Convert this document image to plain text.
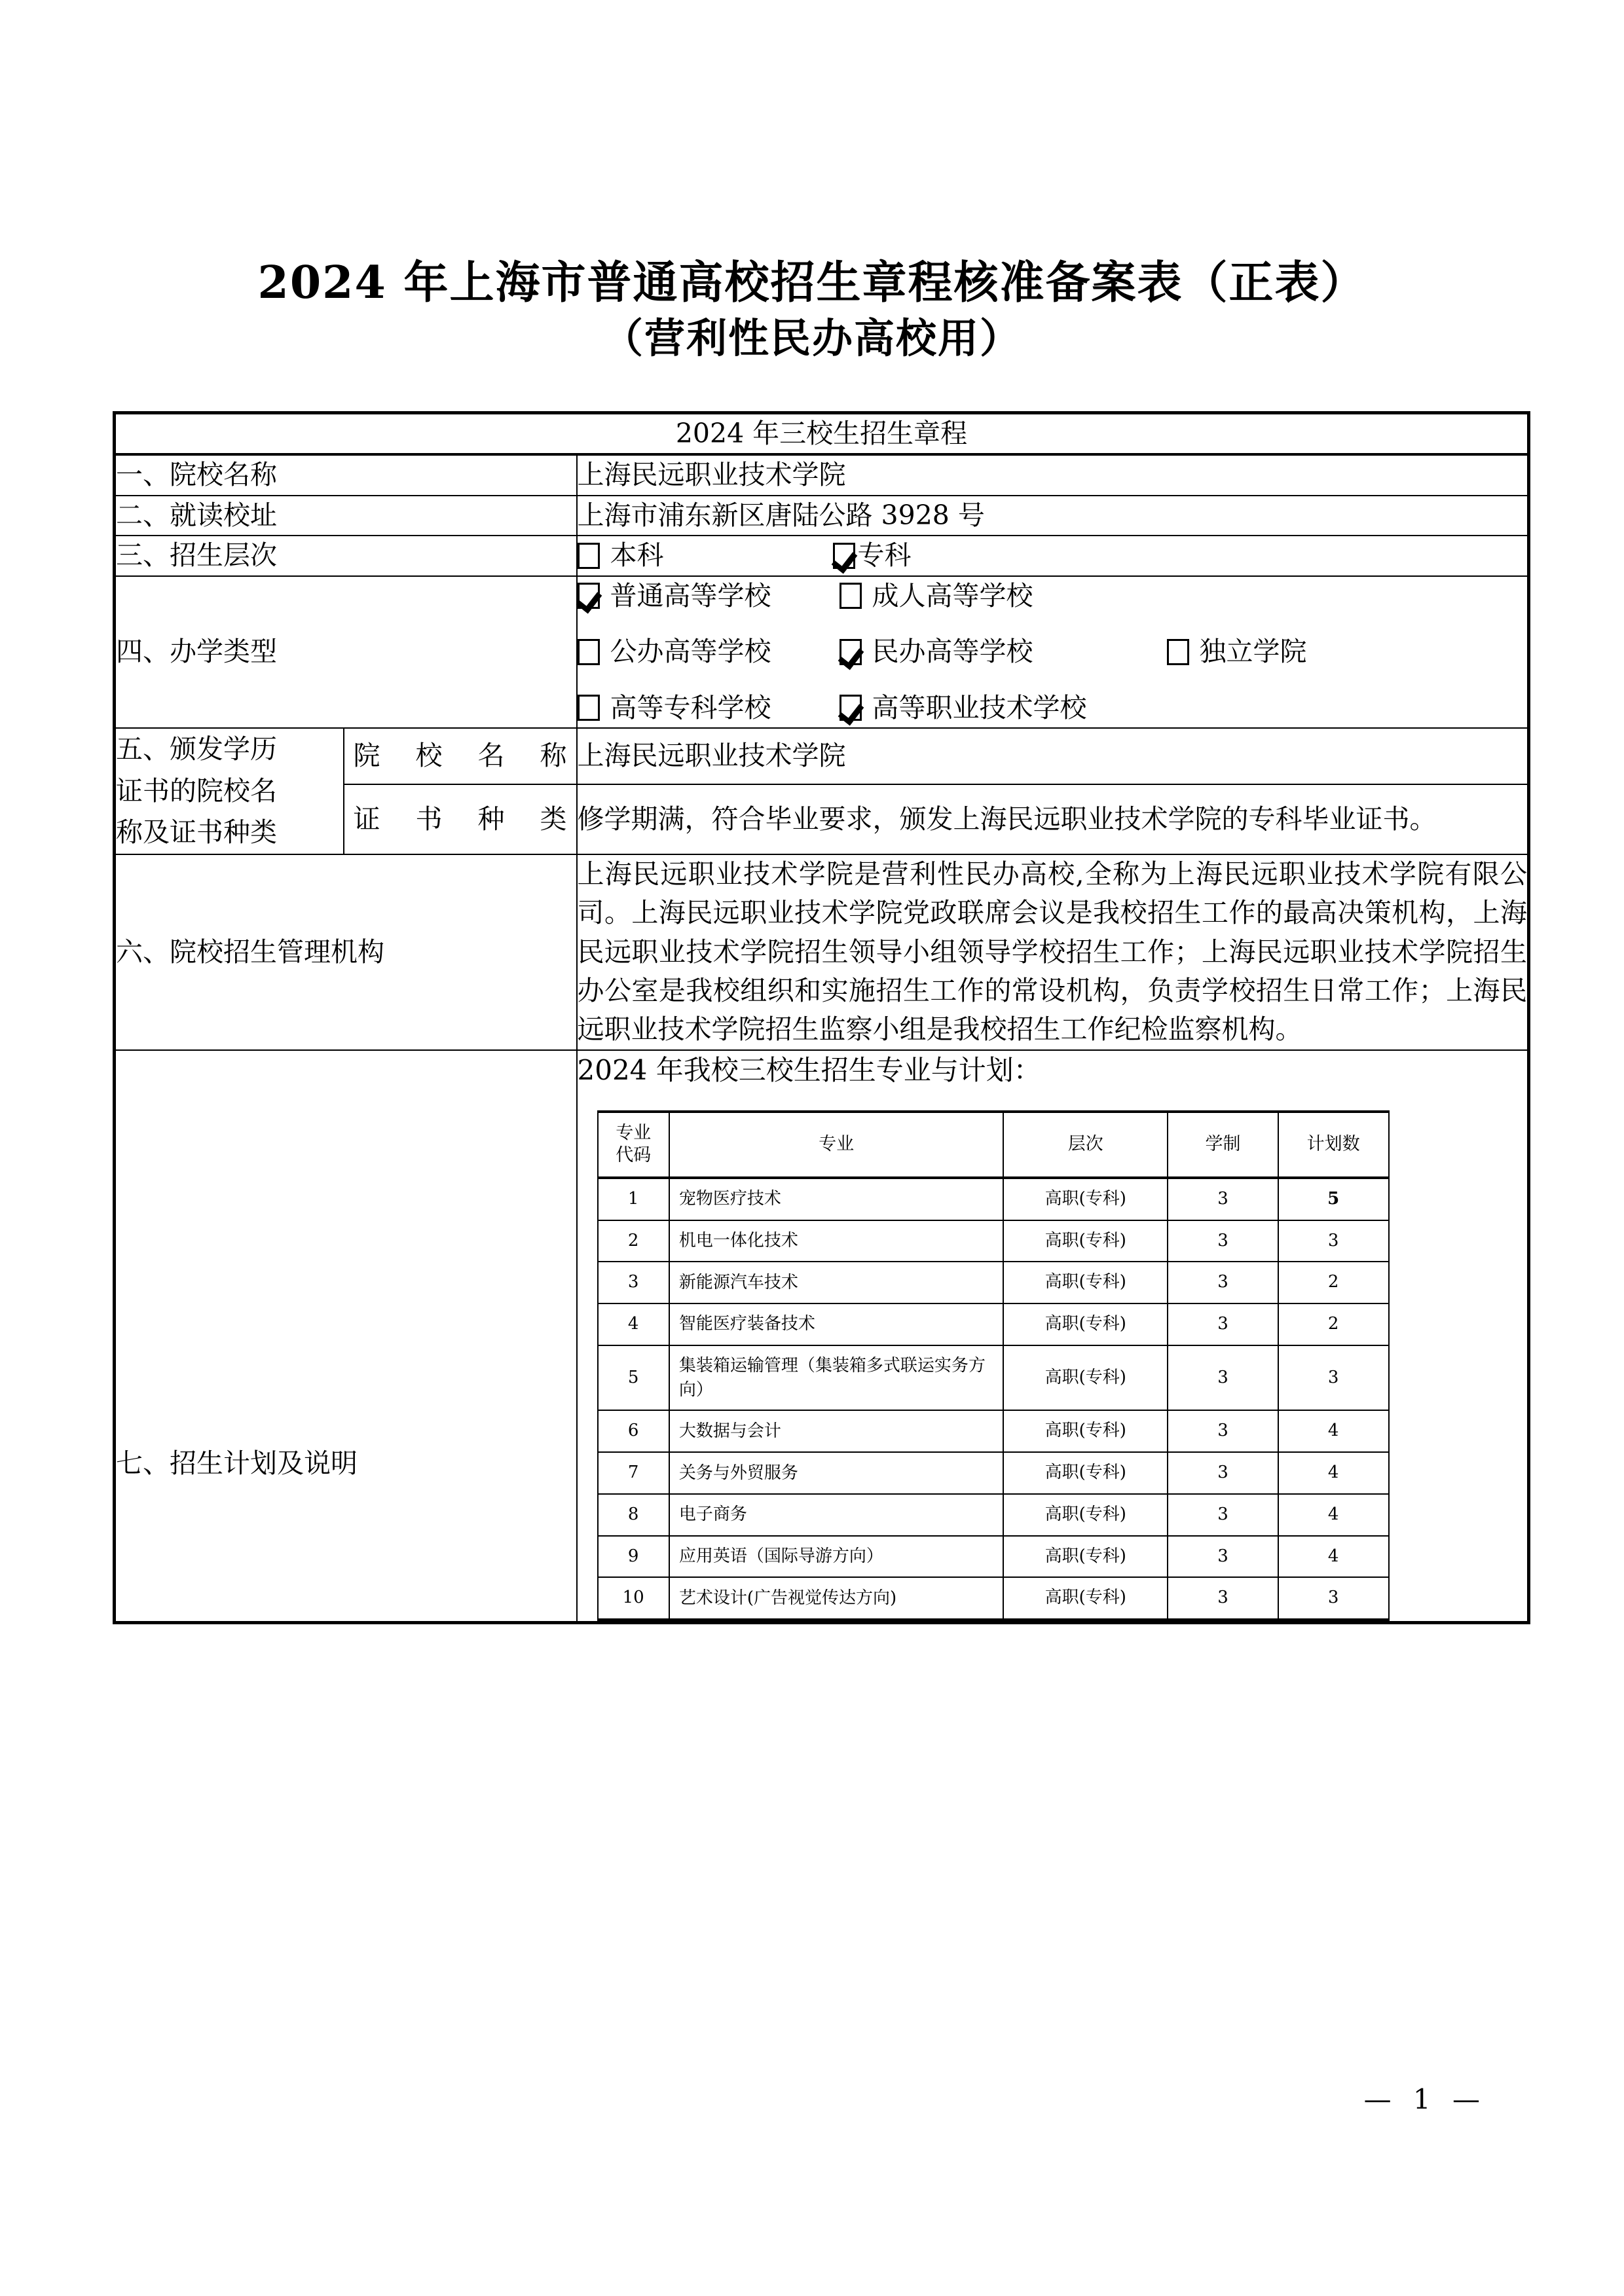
2024 年上海市普通高校招生章程核准备案表（正表）
（营利性民办高校用）
2024 年三校生招生章程
一、院校名称	上海民远职业技术学院
二、就读校址	上海市浦东新区唐陆公路 3928 号
三、招生层次	本科	专科

四、办学类型	
普通高等学校	成人高等学校
公办高等学校	民办高等学校	独立学院
高等专科学校	高等职业技术学校

五、颁发学历
证书的院校名
称及证书种类

院校名称	上海民远职业技术学院

证书种类	修学期满，符合毕业要求，颁发上海民远职业技术学院的专科毕业证书。
六、院校招生管理机构	上海民远职业技术学院是营利性民办高校,全称为上海民远职业技术学院有限公司。上海民远职业技术学院党政联席会议是我校招生工作的最高决策机构，上海民远职业技术学院招生领导小组领导学校招生工作；上海民远职业技术学院招生办公室是我校组织和实施招生工作的常设机构，负责学校招生日常工作；上海民远职业技术学院招生监察小组是我校招生工作纪检监察机构。
七、招生计划及说明	
2024 年我校三校生招生专业与计划：
专业
代码	专业	层次	学制	计划数
1	宠物医疗技术	高职(专科)	3	5
2	机电一体化技术	高职(专科)	3	3
3	新能源汽车技术	高职(专科)	3	2
4	智能医疗装备技术	高职(专科)	3	2
5	集装箱运输管理（集装箱多式联运实务方向）	高职(专科)	3	3
6	大数据与会计	高职(专科)	3	4
7	关务与外贸服务	高职(专科)	3	4
8	电子商务	高职(专科)	3	4
9	应用英语（国际导游方向）	高职(专科)	3	4
10	艺术设计(广告视觉传达方向)	高职(专科)	3	3
— 1 —
